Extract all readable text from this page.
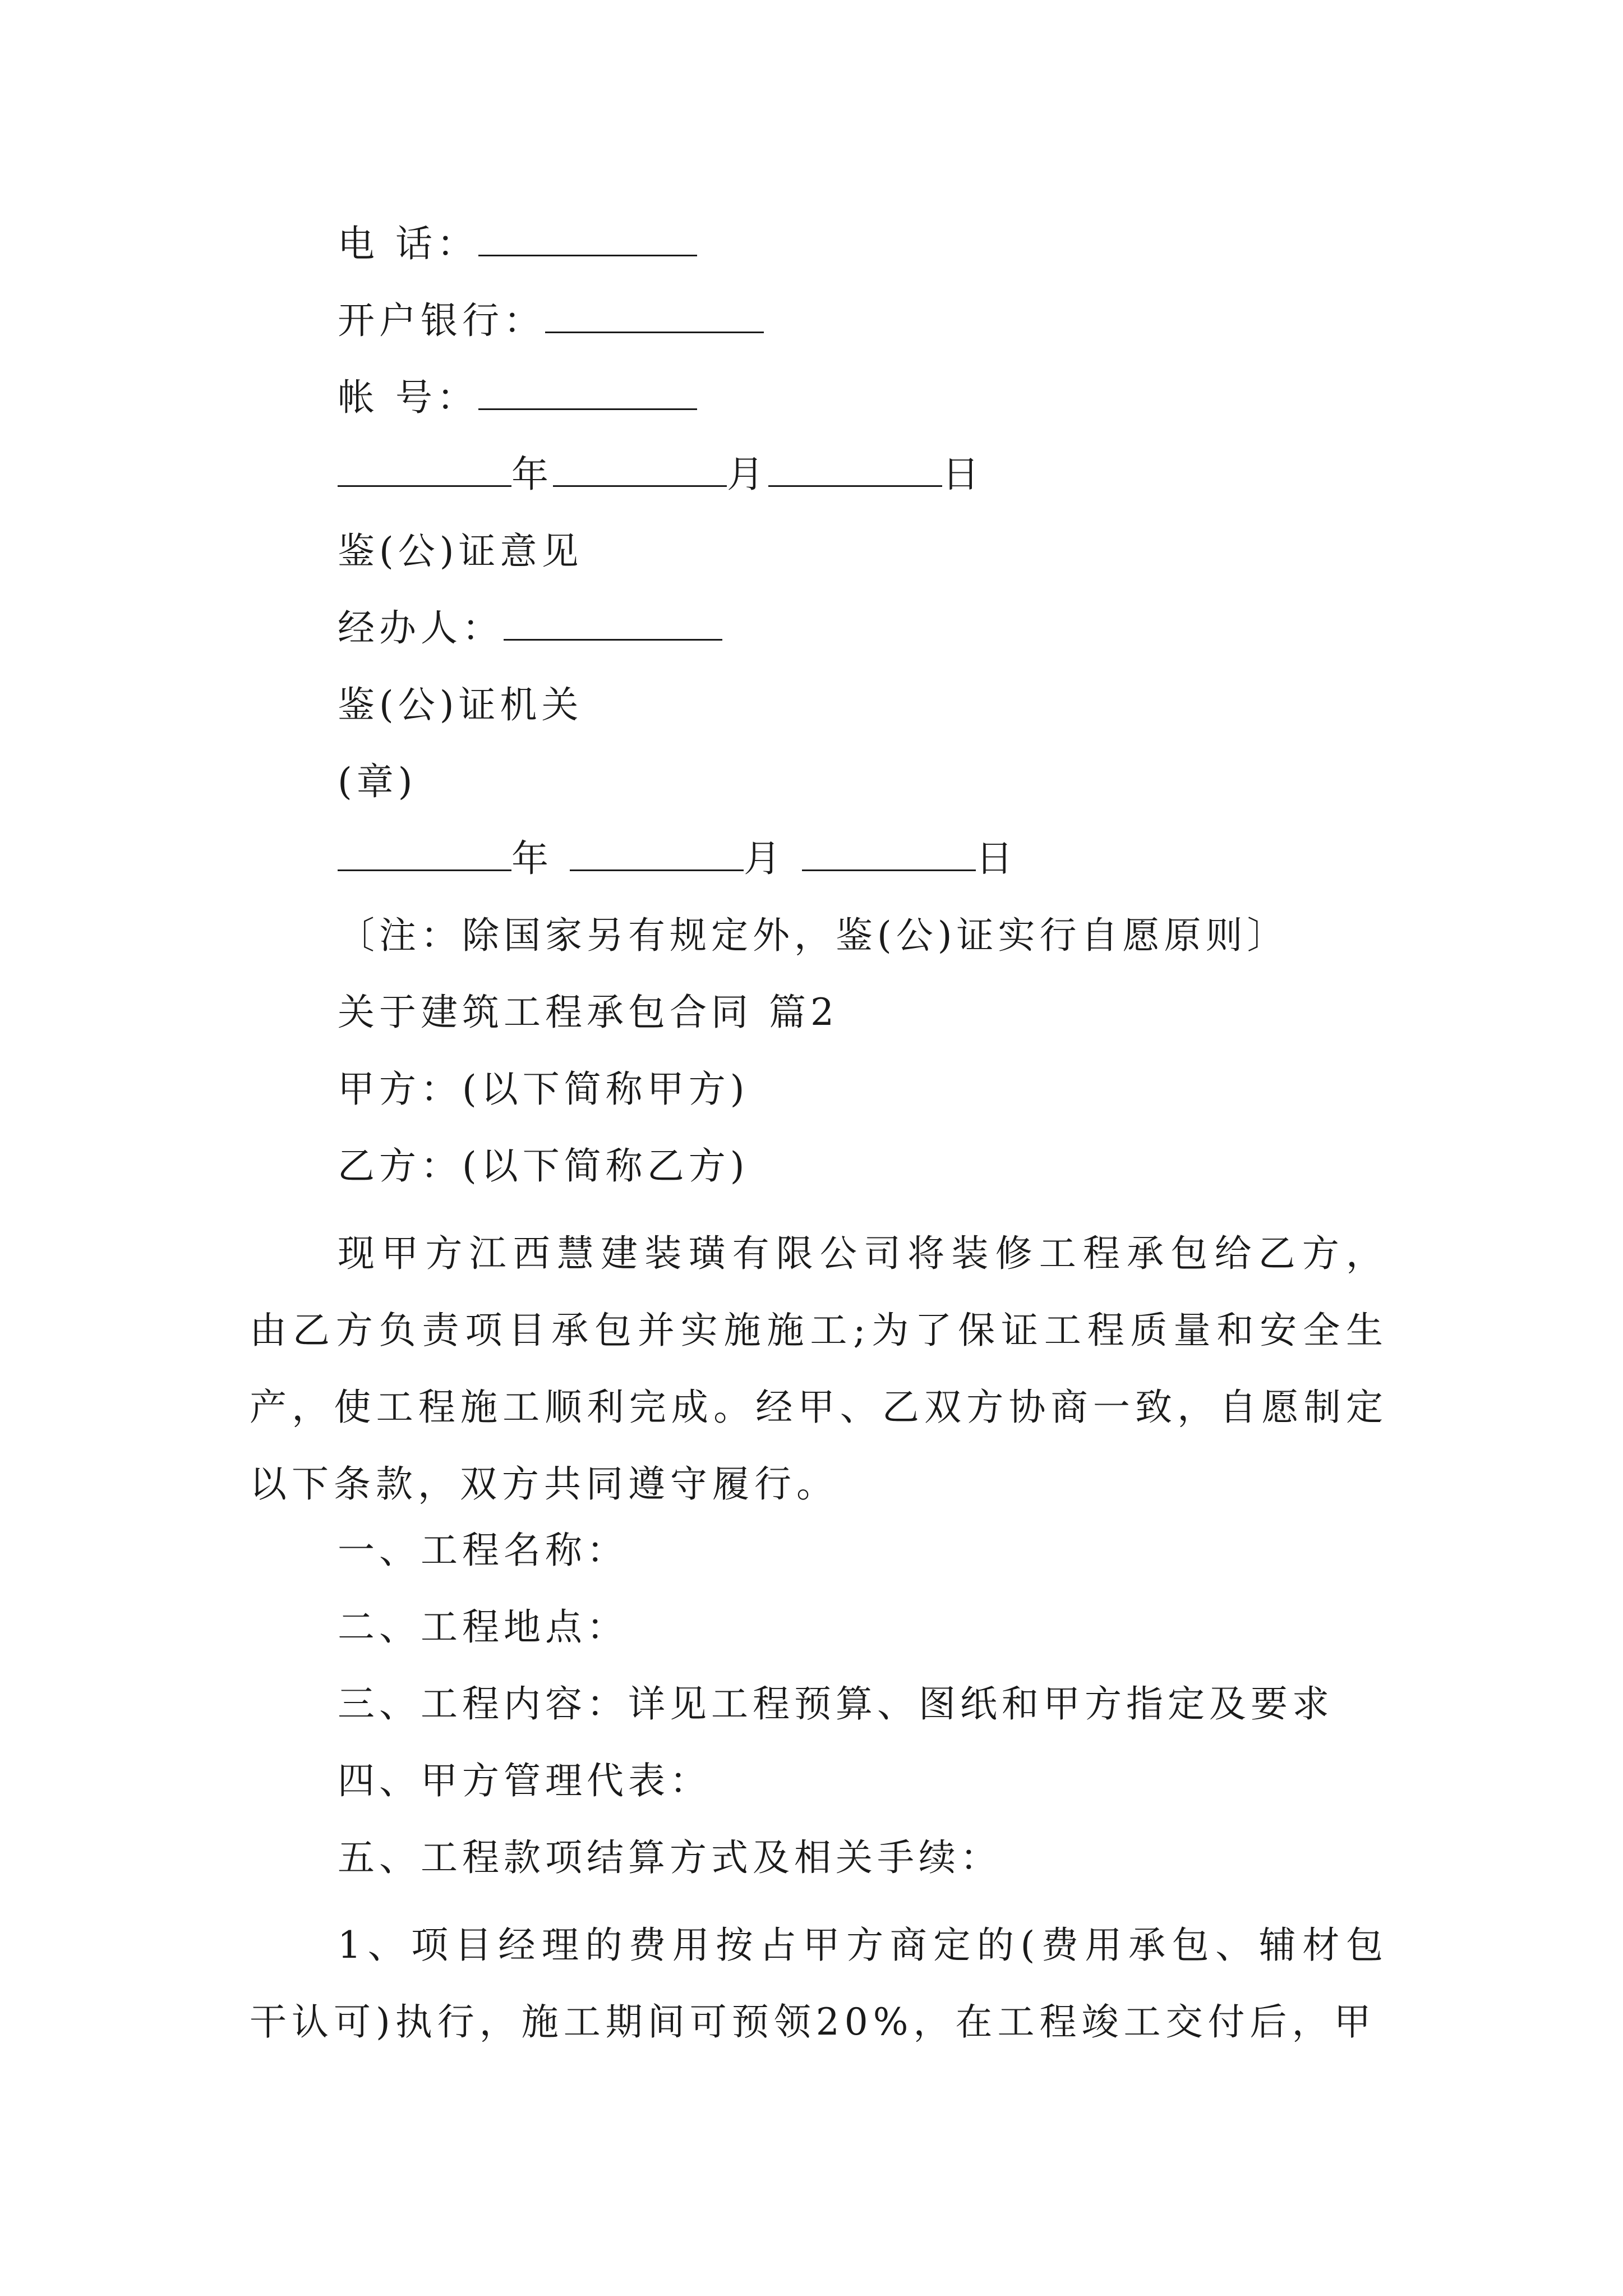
电 话：
开户银行：
帐 号：
年	月	日
鉴(公)证意见
经办人：
鉴(公)证机关
(章)
年	月	日
〔注：除国家另有规定外，鉴(公)证实行自愿原则〕
关于建筑工程承包合同 篇2
甲方：(以下简称甲方)
乙方：(以下简称乙方)
现甲方江西慧建装璜有限公司将装修工程承包给乙方，由乙方负责项目承包并实施施工;为了保证工程质量和安全生产，使工程施工顺利完成。经甲、乙双方协商一致，自愿制定以下条款，双方共同遵守履行。
一、工程名称：
二、工程地点：
三、工程内容：详见工程预算、图纸和甲方指定及要求
四、甲方管理代表：
五、工程款项结算方式及相关手续：
1、项目经理的费用按占甲方商定的(费用承包、辅材包干认可)执行，施工期间可预领20%，在工程竣工交付后，甲
